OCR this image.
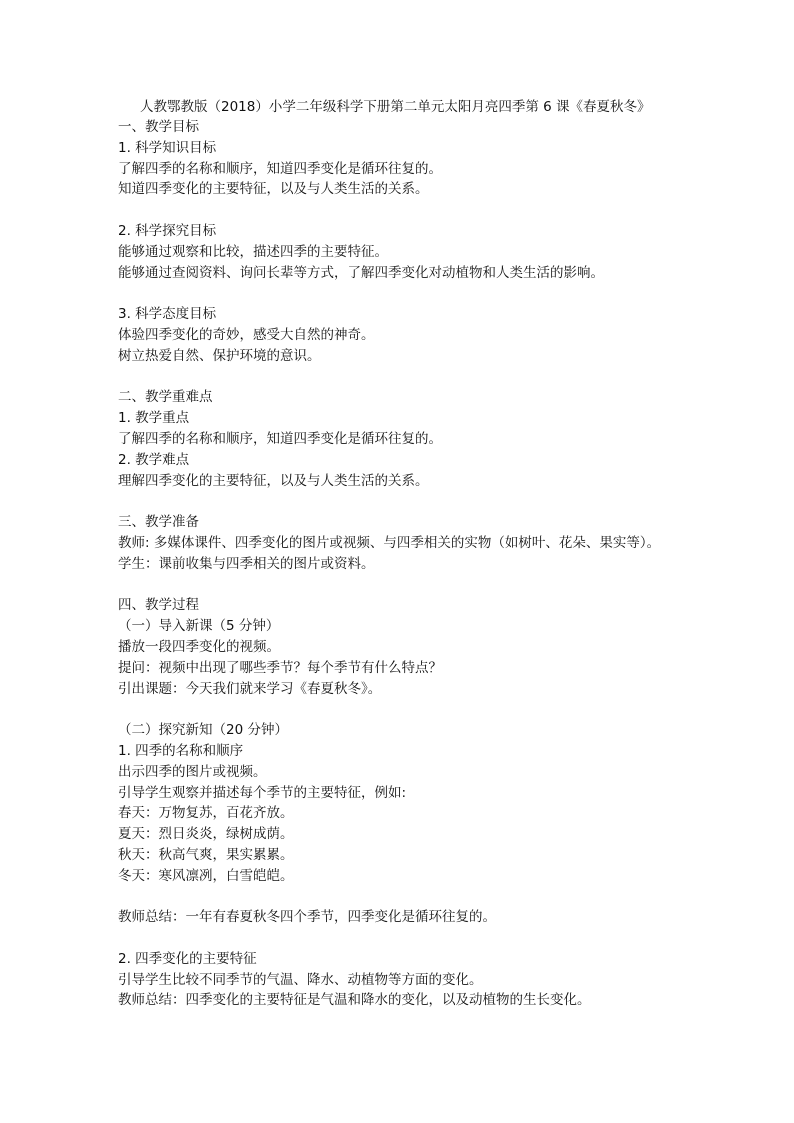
人教鄂教版（2018）小学二年级科学下册第二单元太阳月亮四季第 6 课《春夏秋冬》

一、教学目标

1. 科学知识目标

了解四季的名称和顺序，知道四季变化是循环往复的。

知道四季变化的主要特征，以及与人类生活的关系。

2. 科学探究目标

能够通过观察和比较，描述四季的主要特征。

能够通过查阅资料、询问长辈等方式，了解四季变化对动植物和人类生活的影响。

3. 科学态度目标

体验四季变化的奇妙，感受大自然的神奇。

树立热爱自然、保护环境的意识。

二、教学重难点

1. 教学重点

了解四季的名称和顺序，知道四季变化是循环往复的。

2. 教学难点

理解四季变化的主要特征，以及与人类生活的关系。

三、教学准备

教师: 多媒体课件、四季变化的图片或视频、与四季相关的实物（如树叶、花朵、果实等）。

学生：课前收集与四季相关的图片或资料。

四、教学过程

（一）导入新课（5 分钟）

播放一段四季变化的视频。

提问：视频中出现了哪些季节？每个季节有什么特点？

引出课题：今天我们就来学习《春夏秋冬》。

（二）探究新知（20 分钟）

1. 四季的名称和顺序

出示四季的图片或视频。

引导学生观察并描述每个季节的主要特征，例如:

春天：万物复苏，百花齐放。

夏天：烈日炎炎，绿树成荫。

秋天：秋高气爽，果实累累。

冬天：寒风凛冽，白雪皑皑。

教师总结：一年有春夏秋冬四个季节，四季变化是循环往复的。

2. 四季变化的主要特征

引导学生比较不同季节的气温、降水、动植物等方面的变化。

教师总结：四季变化的主要特征是气温和降水的变化，以及动植物的生长变化。
